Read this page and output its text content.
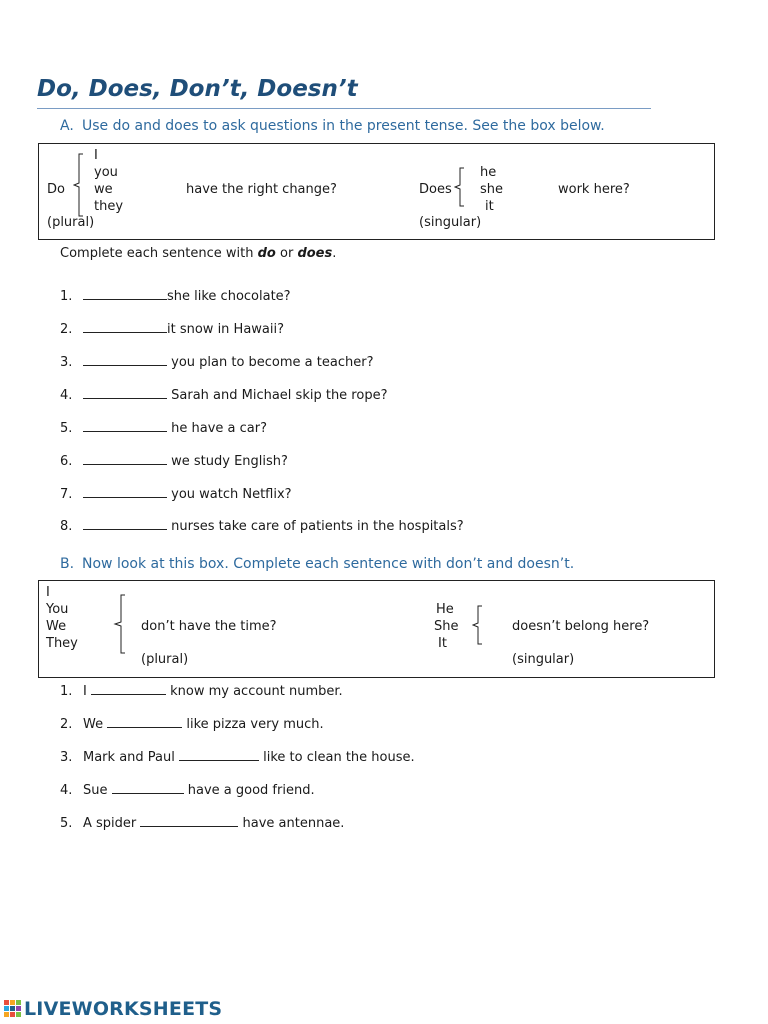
Do, Does, Don’t, Doesn’t
A. Use do and does to ask questions in the present tense. See the box below.
I
you
we
they
Do	have the right change?
(plural)
Does
he
she
it
work here?
(singular)
Complete each sentence with do or does.
1.	she like chocolate?
2.	it snow in Hawaii?
3.	you plan to become a teacher?
4.	Sarah and Michael skip the rope?
5.	he have a car?
6.	we study English?
7.	you watch Netflix?
8.	nurses take care of patients in the hospitals?
B. Now look at this box. Complete each sentence with don’t and doesn’t.
I
You
We
They
don’t have the time?
(plural)
He
She
It
doesn’t belong here?
(singular)
1. I	know my account number.
2. We	like pizza very much.
3. Mark and Paul	like to clean the house.
4. Sue	have a good friend.
5. A spider	have antennae.
LIVEWORKSHEETS
